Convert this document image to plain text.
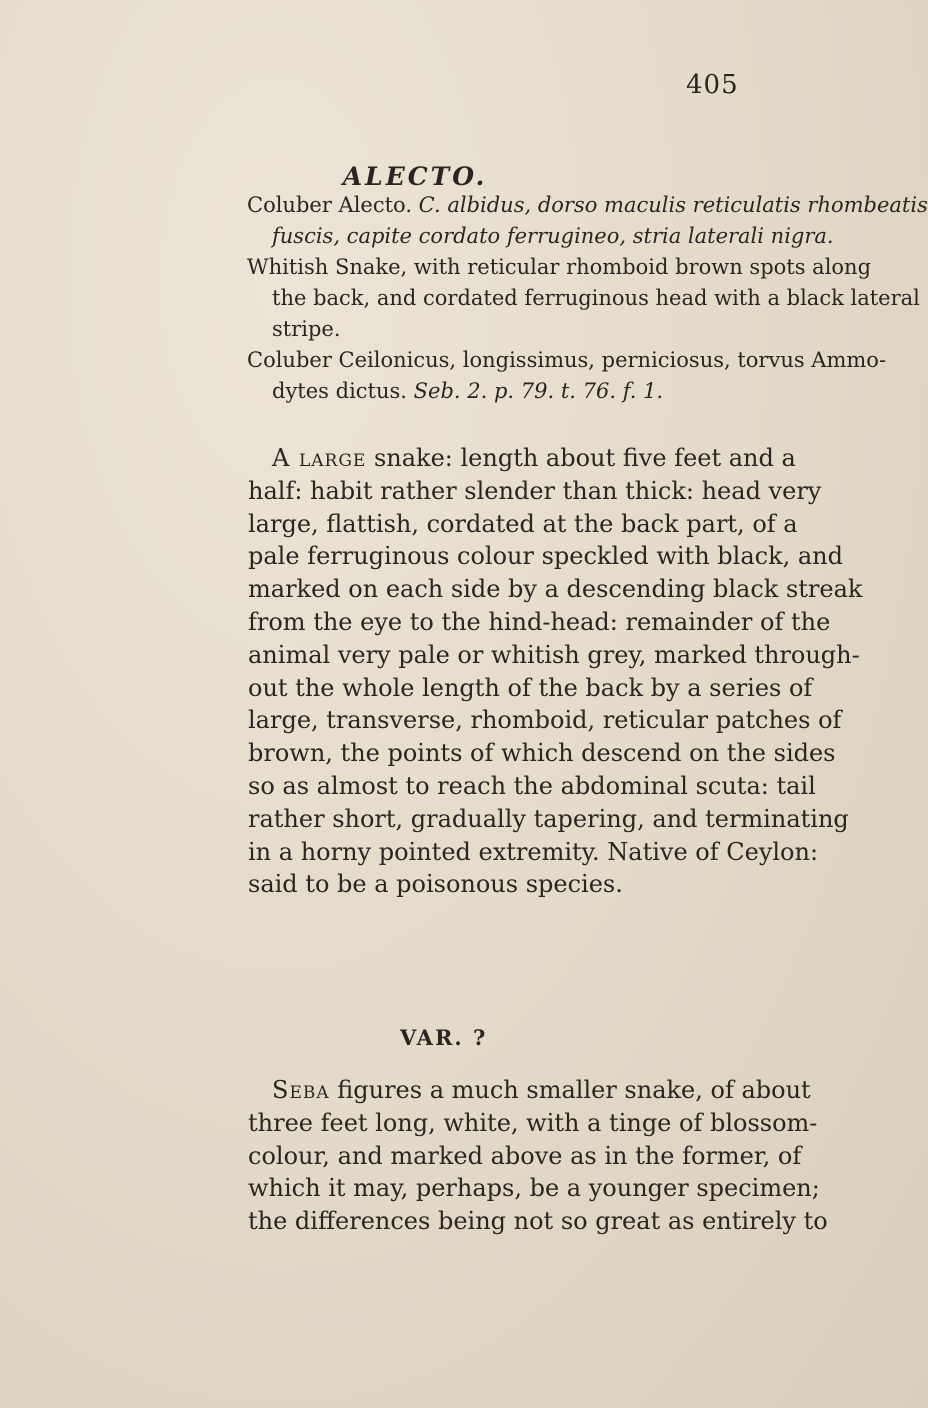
405
ALECTO.
Coluber Alecto. C. albidus, dorso maculis reticulatis rhombeatis
fuscis, capite cordato ferrugineo, stria laterali nigra.
Whitish Snake, with reticular rhomboid brown spots along
the back, and cordated ferruginous head with a black lateral
stripe.
Coluber Ceilonicus, longissimus, perniciosus, torvus Ammo-
dytes dictus. Seb. 2. p. 79. t. 76. f. 1.
A large snake: length about five feet and a
half: habit rather slender than thick: head very
large, flattish, cordated at the back part, of a
pale ferruginous colour speckled with black, and
marked on each side by a descending black streak
from the eye to the hind-head: remainder of the
animal very pale or whitish grey, marked through-
out the whole length of the back by a series of
large, transverse, rhomboid, reticular patches of
brown, the points of which descend on the sides
so as almost to reach the abdominal scuta: tail
rather short, gradually tapering, and terminating
in a horny pointed extremity. Native of Ceylon:
said to be a poisonous species.
VAR. ?
Seba figures a much smaller snake, of about
three feet long, white, with a tinge of blossom-
colour, and marked above as in the former, of
which it may, perhaps, be a younger specimen;
the differences being not so great as entirely to
